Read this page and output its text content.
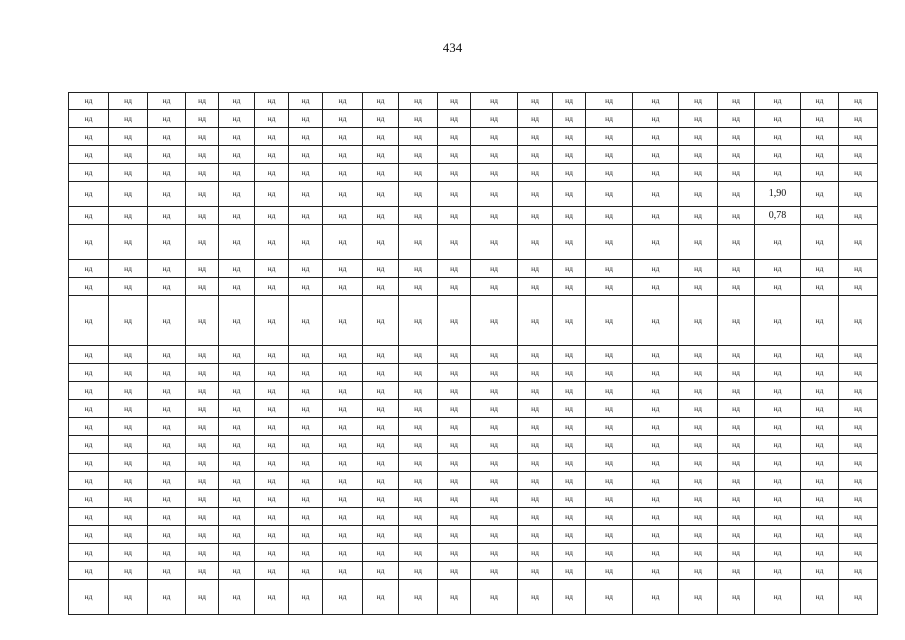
434
нд	нд	нд	нд	нд	нд	нд	нд	нд	нд	нд	нд	нд	нд	нд	нд	нд	нд	нд	нд	нд
нд	нд	нд	нд	нд	нд	нд	нд	нд	нд	нд	нд	нд	нд	нд	нд	нд	нд	нд	нд	нд
нд	нд	нд	нд	нд	нд	нд	нд	нд	нд	нд	нд	нд	нд	нд	нд	нд	нд	нд	нд	нд
нд	нд	нд	нд	нд	нд	нд	нд	нд	нд	нд	нд	нд	нд	нд	нд	нд	нд	нд	нд	нд
нд	нд	нд	нд	нд	нд	нд	нд	нд	нд	нд	нд	нд	нд	нд	нд	нд	нд	нд	нд	нд
нд	нд	нд	нд	нд	нд	нд	нд	нд	нд	нд	нд	нд	нд	нд	нд	нд	нд	1,90	нд	нд
нд	нд	нд	нд	нд	нд	нд	нд	нд	нд	нд	нд	нд	нд	нд	нд	нд	нд	0,78	нд	нд
нд	нд	нд	нд	нд	нд	нд	нд	нд	нд	нд	нд	нд	нд	нд	нд	нд	нд	нд	нд	нд
нд	нд	нд	нд	нд	нд	нд	нд	нд	нд	нд	нд	нд	нд	нд	нд	нд	нд	нд	нд	нд
нд	нд	нд	нд	нд	нд	нд	нд	нд	нд	нд	нд	нд	нд	нд	нд	нд	нд	нд	нд	нд
нд	нд	нд	нд	нд	нд	нд	нд	нд	нд	нд	нд	нд	нд	нд	нд	нд	нд	нд	нд	нд
нд	нд	нд	нд	нд	нд	нд	нд	нд	нд	нд	нд	нд	нд	нд	нд	нд	нд	нд	нд	нд
нд	нд	нд	нд	нд	нд	нд	нд	нд	нд	нд	нд	нд	нд	нд	нд	нд	нд	нд	нд	нд
нд	нд	нд	нд	нд	нд	нд	нд	нд	нд	нд	нд	нд	нд	нд	нд	нд	нд	нд	нд	нд
нд	нд	нд	нд	нд	нд	нд	нд	нд	нд	нд	нд	нд	нд	нд	нд	нд	нд	нд	нд	нд
нд	нд	нд	нд	нд	нд	нд	нд	нд	нд	нд	нд	нд	нд	нд	нд	нд	нд	нд	нд	нд
нд	нд	нд	нд	нд	нд	нд	нд	нд	нд	нд	нд	нд	нд	нд	нд	нд	нд	нд	нд	нд
нд	нд	нд	нд	нд	нд	нд	нд	нд	нд	нд	нд	нд	нд	нд	нд	нд	нд	нд	нд	нд
нд	нд	нд	нд	нд	нд	нд	нд	нд	нд	нд	нд	нд	нд	нд	нд	нд	нд	нд	нд	нд
нд	нд	нд	нд	нд	нд	нд	нд	нд	нд	нд	нд	нд	нд	нд	нд	нд	нд	нд	нд	нд
нд	нд	нд	нд	нд	нд	нд	нд	нд	нд	нд	нд	нд	нд	нд	нд	нд	нд	нд	нд	нд
нд	нд	нд	нд	нд	нд	нд	нд	нд	нд	нд	нд	нд	нд	нд	нд	нд	нд	нд	нд	нд
нд	нд	нд	нд	нд	нд	нд	нд	нд	нд	нд	нд	нд	нд	нд	нд	нд	нд	нд	нд	нд
нд	нд	нд	нд	нд	нд	нд	нд	нд	нд	нд	нд	нд	нд	нд	нд	нд	нд	нд	нд	нд
нд	нд	нд	нд	нд	нд	нд	нд	нд	нд	нд	нд	нд	нд	нд	нд	нд	нд	нд	нд	нд
